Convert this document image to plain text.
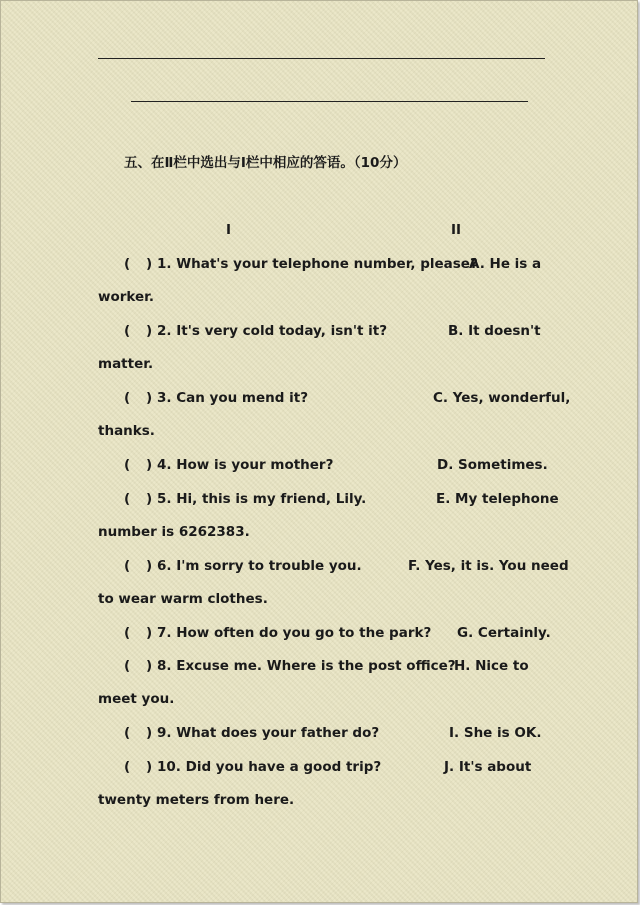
五、在Ⅱ栏中选出与Ⅰ栏中相应的答语。（10分）
I	II
( ) 1. What's your telephone number, please?
A. He is a
worker.
( ) 2. It's very cold today, isn't it?	B. It doesn't
matter.
( ) 3. Can you mend it?	C. Yes, wonderful,
thanks.
( ) 4. How is your mother?	D. Sometimes.
( ) 5. Hi, this is my friend, Lily.	E. My telephone
number is 6262383.
( ) 6. I'm sorry to trouble you.	F. Yes, it is. You need
to wear warm clothes.
( ) 7. How often do you go to the park? G. Certainly.
( ) 8. Excuse me. Where is the post office?
H. Nice to
meet you.
( ) 9. What does your father do?	I. She is OK.
( ) 10. Did you have a good trip?	J. It's about
twenty meters from here.
